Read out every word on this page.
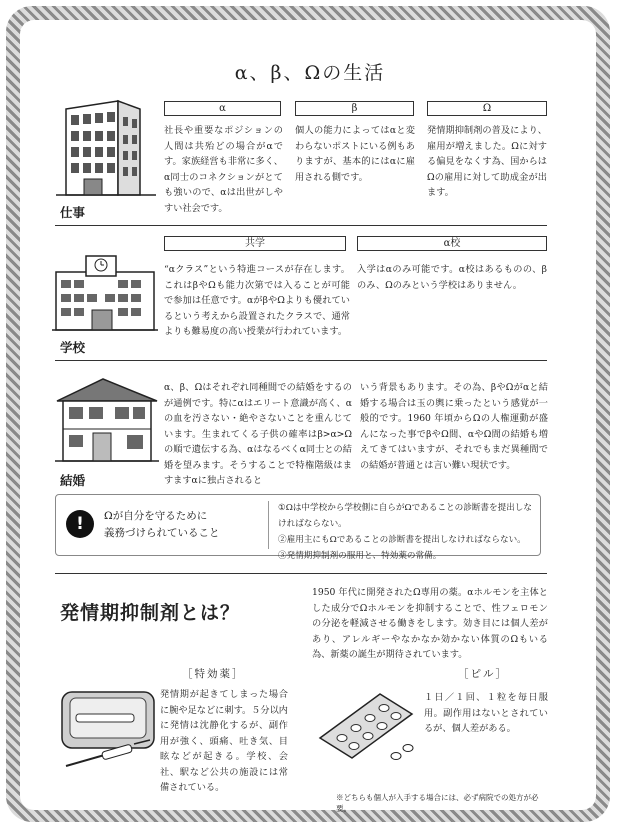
α、β、Ωの生活
仕事
α	β	Ω
社長や重要なポジションの人間は共殆どの場合がαです。家族経営も非常に多く、α同士のコネクションがとても強いので、αは出世がしやすい社会です。
個人の能力によってはαと変わらないポストにいる例もありますが、基本的にはαに雇用される側です。
発情期抑制剤の普及により、雇用が増えました。Ωに対する偏見をなくす為、国からはΩの雇用に対して助成金が出ます。
学校
共学	α校
“αクラス”という特進コースが存在します。これはβやΩも能力次第では入ることが可能で参加は任意です。αがβやΩよりも優れているという考えから設置されたクラスで、通常よりも難易度の高い授業が行われています。
入学はαのみ可能です。α校はあるものの、βのみ、Ωのみという学校はありません。
結婚
α、β、Ωはそれぞれ同種間での結婚をするのが通例です。特にαはエリート意識が高く、αの血を汚さない・絶やさないことを重んじています。生まれてくる子供の確率はβ>α>Ωの順で遺伝する為、αはなるべくα同士との結婚を望みます。そうすることで特権階級はますますαに独占されると
いう背景もあります。その為、βやΩがαと結婚する場合は玉の輿に乗ったという感覚が一般的です。1960 年頃からΩの人権運動が盛んになった事でβやΩ間、αやΩ間の結婚も増えてきてはいますが、それでもまだ異種間での結婚が普通とは言い難い現状です。
!	Ωが自分を守るために
義務づけられていること
①Ωは中学校から学校側に自らがΩであることの診断書を提出しなければならない。
②雇用主にもΩであることの診断書を提出しなければならない。
③発情期抑制剤の服用と、特効薬の常備。
発情期抑制剤とは？
1950 年代に開発されたΩ専用の薬。αホルモンを主体とした成分でΩホルモンを抑制することで、性フェロモンの分泌を軽減させる働きをします。効き目には個人差があり、アレルギーやなかなか効かない体質のΩもいる為、新薬の誕生が期待されています。
［特効薬］	［ピル］
発情期が起きてしまった場合に腕や足などに刺す。５分以内に発情は沈静化するが、副作用が強く、頭痛、吐き気、目眩などが起きる。学校、会社、駅など公共の施設には常備されている。
１日／１回、１粒を毎日服用。副作用はないとされているが、個人差がある。
※どちらも個人が入手する場合には、必ず病院での処方が必要。
